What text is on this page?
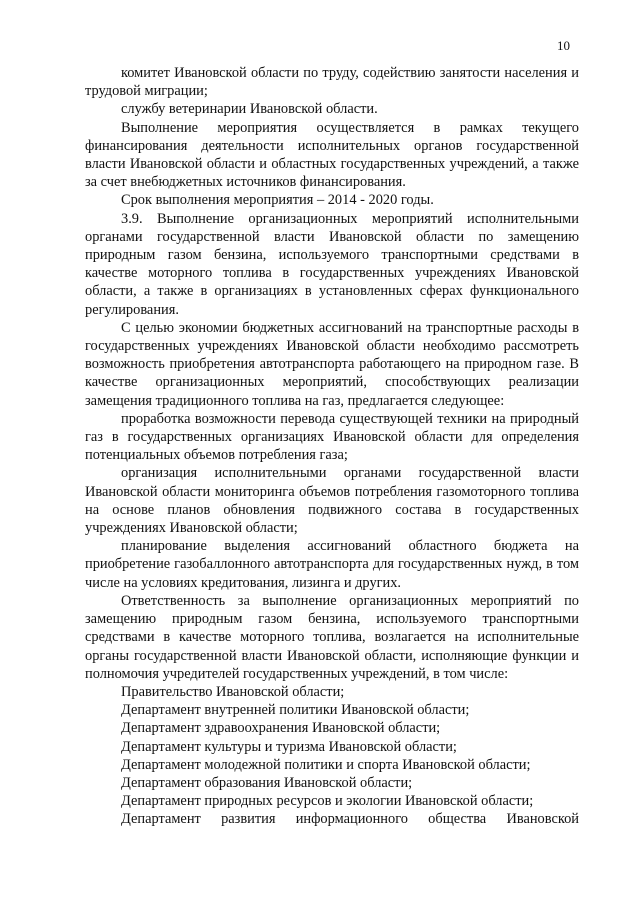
10

комитет Ивановской области по труду, содействию занятости населения и трудовой миграции;

службу ветеринарии Ивановской области.

Выполнение мероприятия осуществляется в рамках текущего финансирования деятельности исполнительных органов государственной власти Ивановской области и областных государственных учреждений, а также за счет внебюджетных источников финансирования.

Срок выполнения мероприятия – 2014 - 2020 годы.

3.9. Выполнение организационных мероприятий исполнительными органами государственной власти Ивановской области по замещению природным газом бензина, используемого транспортными средствами в качестве моторного топлива в государственных учреждениях Ивановской области, а также в организациях в установленных сферах функционального регулирования.

С целью экономии бюджетных ассигнований на транспортные расходы в государственных учреждениях Ивановской области необходимо рассмотреть возможность приобретения автотранспорта работающего на природном газе. В качестве организационных мероприятий, способствующих реализации замещения традиционного топлива на газ, предлагается следующее:

проработка возможности перевода существующей техники на природный газ в государственных организациях Ивановской области для определения потенциальных объемов потребления газа;

организация исполнительными органами государственной власти Ивановской области мониторинга объемов потребления газомоторного топлива на основе планов обновления подвижного состава в государственных учреждениях Ивановской области;

планирование выделения ассигнований областного бюджета на приобретение газобаллонного автотранспорта для государственных нужд, в том числе на условиях кредитования, лизинга и других.

Ответственность за выполнение организационных мероприятий по замещению природным газом бензина, используемого транспортными средствами в качестве моторного топлива, возлагается на исполнительные органы государственной власти Ивановской области, исполняющие функции и полномочия учредителей государственных учреждений, в том числе:

Правительство Ивановской области;

Департамент внутренней политики Ивановской области;

Департамент здравоохранения Ивановской области;

Департамент культуры и туризма Ивановской области;

Департамент молодежной политики и спорта Ивановской области;

Департамент образования Ивановской области;

Департамент природных ресурсов и экологии Ивановской области;

Департамент развития информационного общества Ивановской
